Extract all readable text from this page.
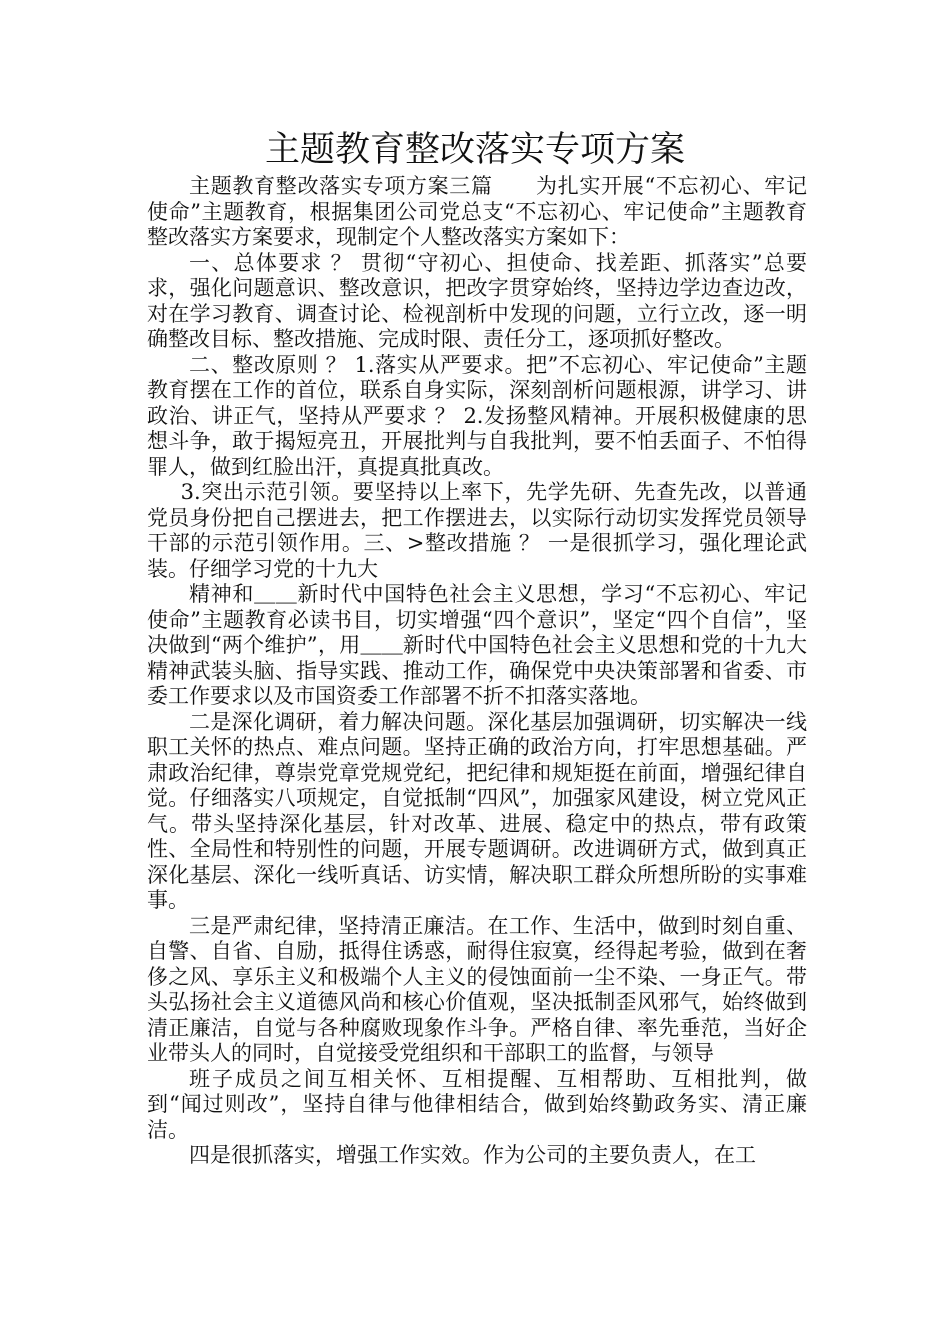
主题教育整改落实专项方案

主题教育整改落实专项方案三篇　　为扎实开展“不忘初心、牢记使命”主题教育，根据集团公司党总支“不忘初心、牢记使命”主题教育整改落实方案要求，现制定个人整改落实方案如下：

一、总体要求 ？ 贯彻“守初心、担使命、找差距、抓落实”总要求，强化问题意识、整改意识，把改字贯穿始终，坚持边学边查边改，对在学习教育、调查讨论、检视剖析中发现的问题，立行立改，逐一明确整改目标、整改措施、完成时限、责任分工，逐项抓好整改。

二、整改原则 ？ 1.落实从严要求。把”不忘初心、牢记使命”主题教育摆在工作的首位，联系自身实际，深刻剖析问题根源，讲学习、讲政治、讲正气，坚持从严要求 ？ 2.发扬整风精神。开展积极健康的思想斗争，敢于揭短亮丑，开展批判与自我批判，要不怕丢面子、不怕得罪人，做到红脸出汗，真提真批真改。

3.突出示范引领。要坚持以上率下，先学先研、先查先改，以普通党员身份把自己摆进去，把工作摆进去，以实际行动切实发挥党员领导干部的示范引领作用。三、>整改措施 ？ 一是很抓学习，强化理论武装。仔细学习党的十九大

精神和＿＿新时代中国特色社会主义思想，学习“不忘初心、牢记使命”主题教育必读书目，切实增强“四个意识”，坚定“四个自信”，坚决做到“两个维护”，用＿＿新时代中国特色社会主义思想和党的十九大精神武装头脑、指导实践、推动工作，确保党中央决策部署和省委、市委工作要求以及市国资委工作部署不折不扣落实落地。

二是深化调研，着力解决问题。深化基层加强调研，切实解决一线职工关怀的热点、难点问题。坚持正确的政治方向，打牢思想基础。严肃政治纪律，尊崇党章党规党纪，把纪律和规矩挺在前面，增强纪律自觉。仔细落实八项规定，自觉抵制“四风”，加强家风建设，树立党风正气。带头坚持深化基层，针对改革、进展、稳定中的热点，带有政策性、全局性和特别性的问题，开展专题调研。改进调研方式，做到真正深化基层、深化一线听真话、访实情，解决职工群众所想所盼的实事难事。

三是严肃纪律，坚持清正廉洁。在工作、生活中，做到时刻自重、自警、自省、自励，抵得住诱惑，耐得住寂寞，经得起考验，做到在奢侈之风、享乐主义和极端个人主义的侵蚀面前一尘不染、一身正气。带头弘扬社会主义道德风尚和核心价值观，坚决抵制歪风邪气，始终做到清正廉洁，自觉与各种腐败现象作斗争。严格自律、率先垂范，当好企业带头人的同时，自觉接受党组织和干部职工的监督，与领导

班子成员之间互相关怀、互相提醒、互相帮助、互相批判，做到“闻过则改”，坚持自律与他律相结合，做到始终勤政务实、清正廉洁。

四是很抓落实，增强工作实效。作为公司的主要负责人，在工
